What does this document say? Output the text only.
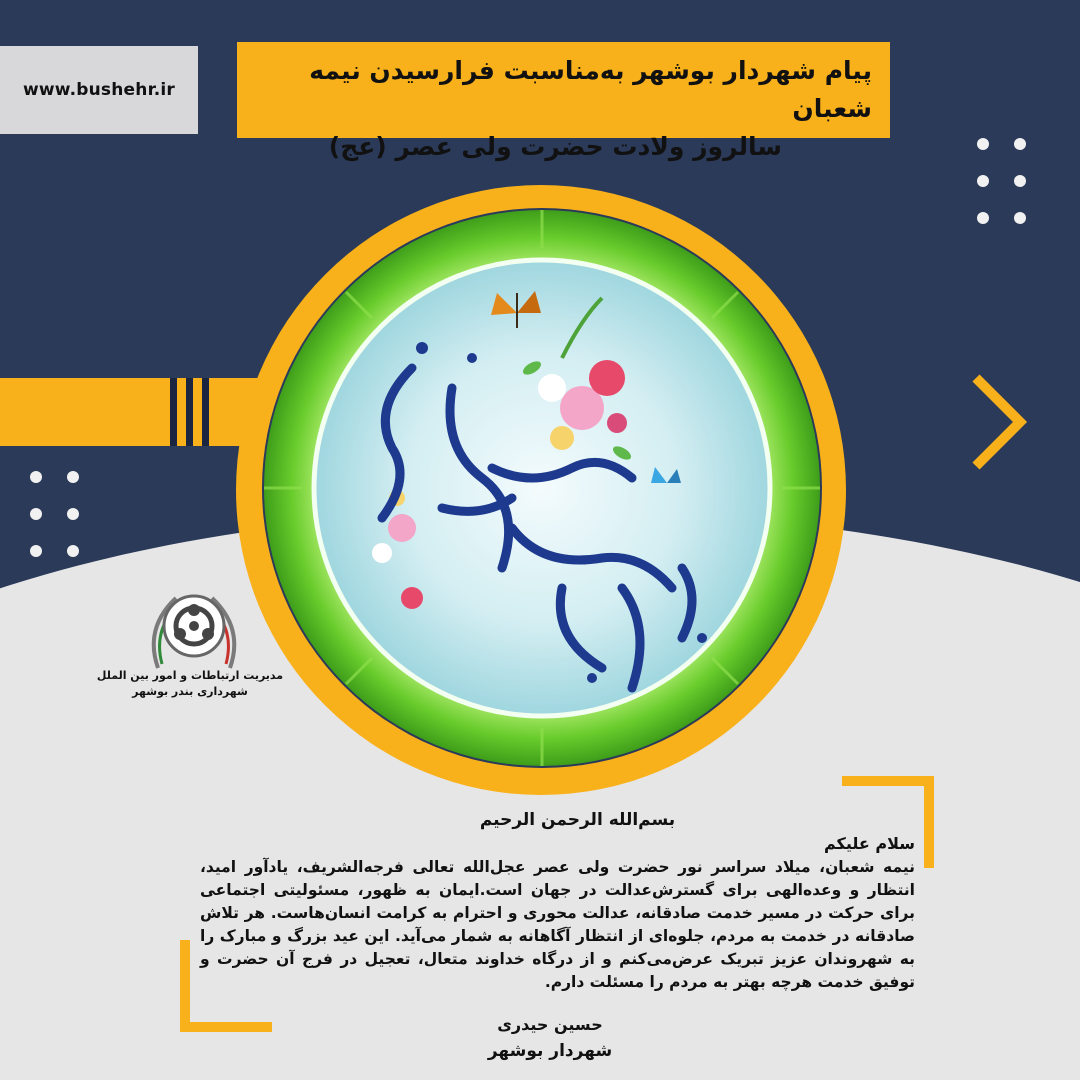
www.bushehr.ir
پیام شهردار بوشهر به‌مناسبت فرارسیدن نیمه شعبان
سالروز ولادت حضرت ولی عصر (عج)
مدیریت ارتباطات و امور بین الملل
شهرداری بندر بوشهر
بسم‌الله الرحمن الرحیم
سلام علیکم
نیمه شعبان، میلاد سراسر نور حضرت ولی عصر عجل‌الله تعالی فرجه‌الشریف، یادآور امید، انتظار و وعده‌الهی برای گسترش‌عدالت در جهان است.ایمان به ظهور، مسئولیتی اجتماعی برای حرکت در مسیر خدمت صادقانه، عدالت محوری و احترام به کرامت انسان‌هاست. هر تلاش صادقانه در خدمت به مردم، جلوه‌ای از انتظار آگاهانه به شمار می‌آید. این عید بزرگ و مبارک را به شهروندان عزیز تبریک عرض‌می‌کنم و از درگاه خداوند متعال، تعجیل در فرج آن حضرت و توفیق خدمت هرچه بهتر به مردم را مسئلت دارم.
حسین حیدری
شهردار بوشهر
